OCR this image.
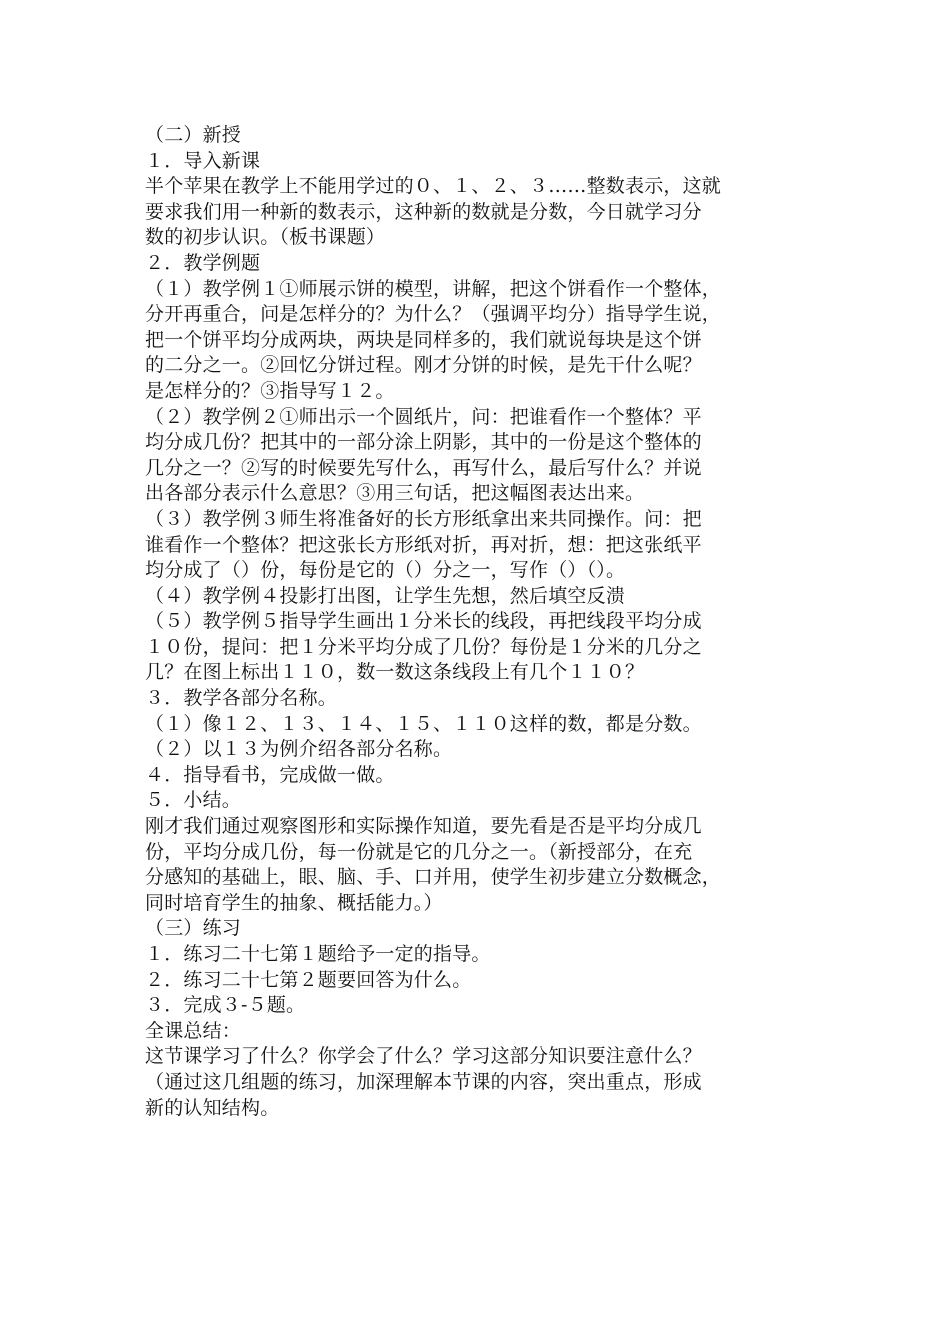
（二）新授
１．导入新课
半个苹果在教学上不能用学过的０、１、２、３……整数表示，这就
要求我们用一种新的数表示，这种新的数就是分数，今日就学习分
数的初步认识。（板书课题）
２．教学例题
（１）教学例１①师展示饼的模型，讲解，把这个饼看作一个整体，
分开再重合，问是怎样分的？为什么？（强调平均分）指导学生说，
把一个饼平均分成两块，两块是同样多的，我们就说每块是这个饼
的二分之一。②回忆分饼过程。刚才分饼的时候，是先干什么呢？
是怎样分的？③指导写１２。
（２）教学例２①师出示一个圆纸片，问：把谁看作一个整体？平
均分成几份？把其中的一部分涂上阴影，其中的一份是这个整体的
几分之一？②写的时候要先写什么，再写什么，最后写什么？并说
出各部分表示什么意思？③用三句话，把这幅图表达出来。
（３）教学例３师生将准备好的长方形纸拿出来共同操作。问：把
谁看作一个整体？把这张长方形纸对折，再对折，想：把这张纸平
均分成了（）份，每份是它的（）分之一，写作（）（）。
（４）教学例４投影打出图，让学生先想，然后填空反溃
（５）教学例５指导学生画出１分米长的线段，再把线段平均分成
１０份，提问：把１分米平均分成了几份？每份是１分米的几分之
几？在图上标出１１０，数一数这条线段上有几个１１０？
３．教学各部分名称。
（１）像１２、１３、１４、１５、１１０这样的数，都是分数。
（２）以１３为例介绍各部分名称。
４．指导看书，完成做一做。
５．小结。
刚才我们通过观察图形和实际操作知道，要先看是否是平均分成几
份，平均分成几份，每一份就是它的几分之一。（新授部分，在充
分感知的基础上，眼、脑、手、口并用，使学生初步建立分数概念，
同时培育学生的抽象、概括能力。）
（三）练习
１．练习二十七第１题给予一定的指导。
２．练习二十七第２题要回答为什么。
３．完成３-５题。
全课总结：
这节课学习了什么？你学会了什么？学习这部分知识要注意什么？
（通过这几组题的练习，加深理解本节课的内容，突出重点，形成
新的认知结构。
